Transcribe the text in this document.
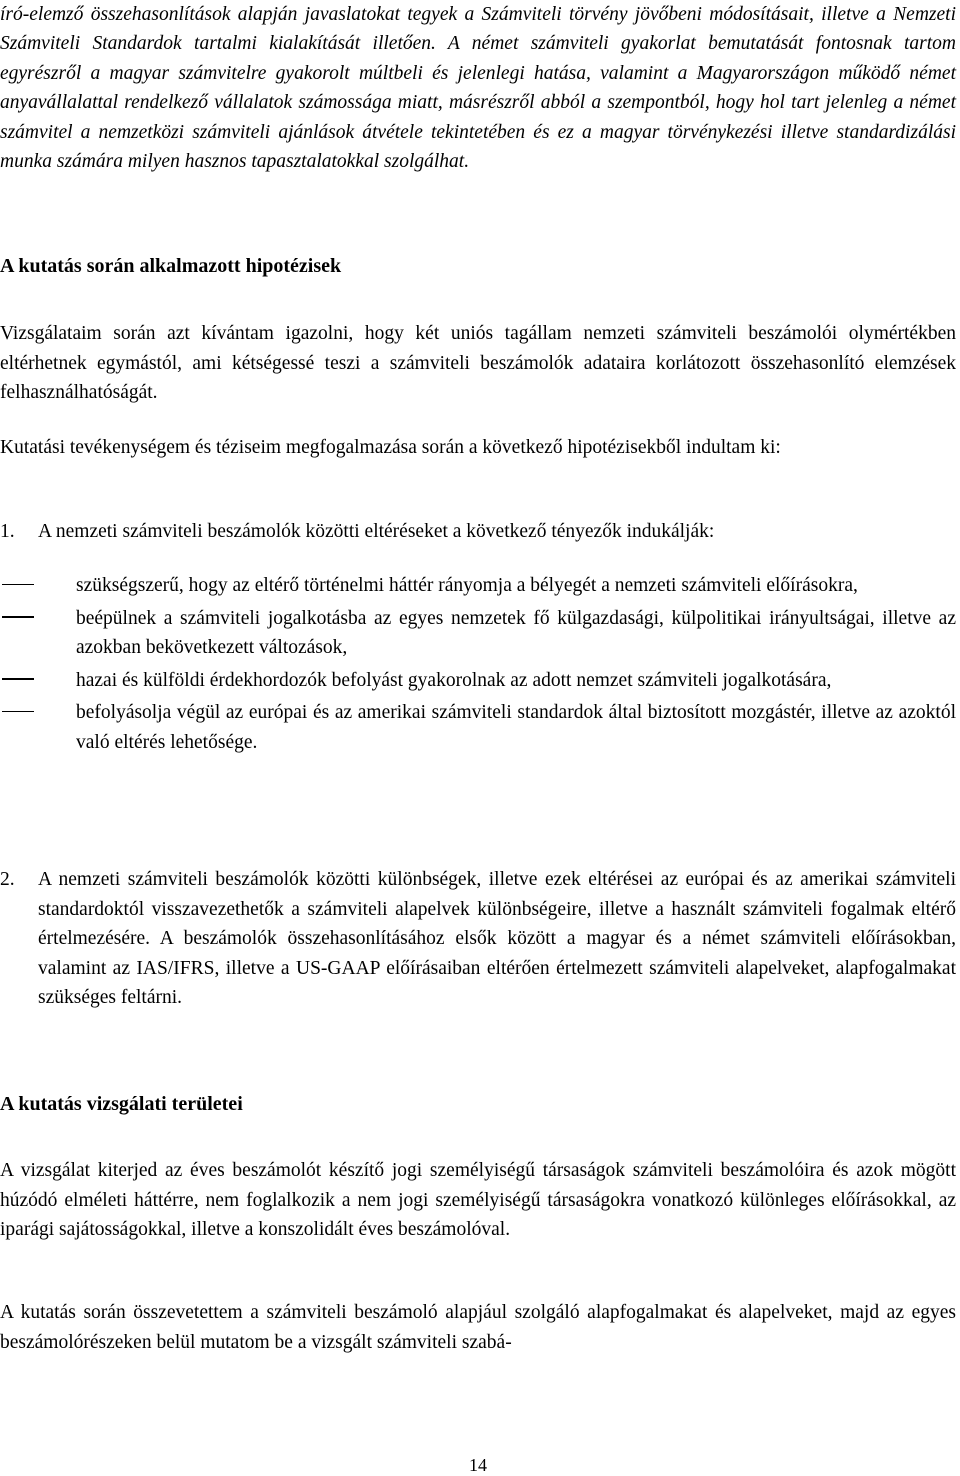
író-elemző összehasonlítások alapján javaslatokat tegyek a Számviteli törvény jövőbeni módosításait, illetve a Nemzeti Számviteli Standardok tartalmi kialakítását illetően. A német számviteli gyakorlat bemutatását fontosnak tartom egyrészről a magyar számvitelre gyakorolt múltbeli és jelenlegi hatása, valamint a Magyarországon működő német anyavállalattal rendelkező vállalatok számossága miatt, másrészről abból a szempontból, hogy hol tart jelenleg a német számvitel a nemzetközi számviteli ajánlások átvétele tekintetében és ez a magyar törvénykezési illetve standardizálási munka számára milyen hasznos tapasztalatokkal szolgálhat.

A kutatás során alkalmazott hipotézisek

Vizsgálataim során azt kívántam igazolni, hogy két uniós tagállam nemzeti számviteli beszámolói olymértékben eltérhetnek egymástól, ami kétségessé teszi a számviteli beszámolók adataira korlátozott összehasonlító elemzések felhasználhatóságát.

Kutatási tevékenységem és téziseim megfogalmazása során a következő hipotézisekből indultam ki:

1.	A nemzeti számviteli beszámolók közötti eltéréseket a következő tényezők indukálják:
szükségszerű, hogy az eltérő történelmi háttér rányomja a bélyegét a nemzeti számviteli előírásokra,
beépülnek a számviteli jogalkotásba az egyes nemzetek fő külgazdasági, külpolitikai irányultságai, illetve az azokban bekövetkezett változások,
hazai és külföldi érdekhordozók befolyást gyakorolnak az adott nemzet számviteli jogalkotására,
befolyásolja végül az európai és az amerikai számviteli standardok által biztosított mozgástér, illetve az azoktól való eltérés lehetősége.
2.	A nemzeti számviteli beszámolók közötti különbségek, illetve ezek eltérései az európai és az amerikai számviteli standardoktól visszavezethetők a számviteli alapelvek különbségeire, illetve a használt számviteli fogalmak eltérő értelmezésére. A beszámolók összehasonlításához elsők között a magyar és a német számviteli előírásokban, valamint az IAS/IFRS, illetve a US-GAAP előírásaiban eltérően értelmezett számviteli alapelveket, alapfogalmakat szükséges feltárni.
A kutatás vizsgálati területei

A vizsgálat kiterjed az éves beszámolót készítő jogi személyiségű társaságok számviteli beszámolóira és azok mögött húzódó elméleti háttérre, nem foglalkozik a nem jogi személyiségű társaságokra vonatkozó különleges előírásokkal, az iparági sajátosságokkal, illetve a konszolidált éves beszámolóval.

A kutatás során összevetettem a számviteli beszámoló alapjául szolgáló alapfogalmakat és alapelveket, majd az egyes beszámolórészeken belül mutatom be a vizsgált számviteli szabá-

14
